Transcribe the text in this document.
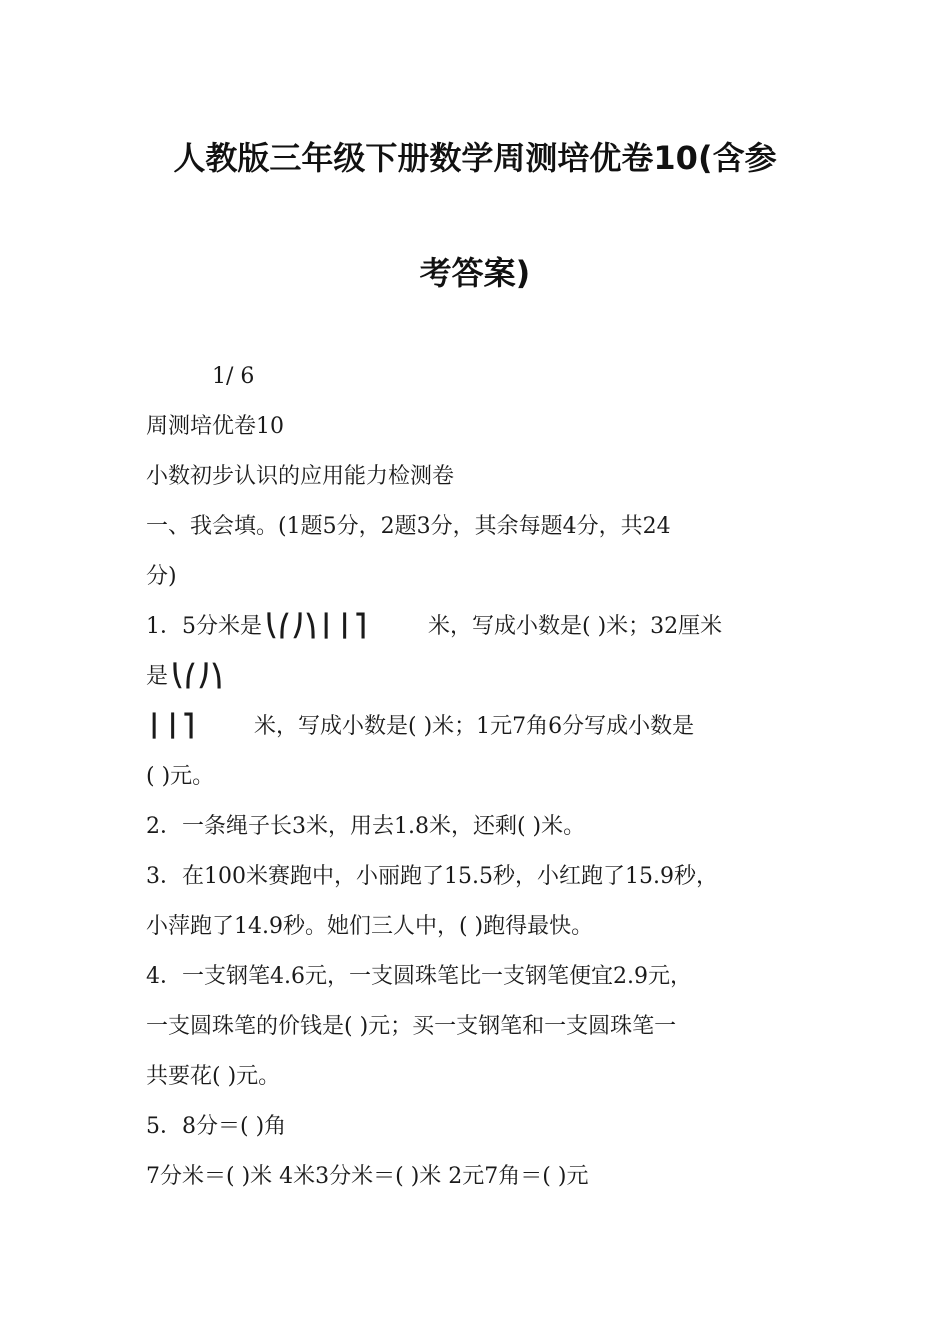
人教版三年级下册数学周测培优卷10(含参
考答案)
1/ 6
周测培优卷10
小数初步认识的应用能力检测卷
一、我会填。(1题5分，2题3分，其余每题4分，共24
分)
1．5分米是 ⎝⎛⎠⎞⎪⎪⎤	米，写成小数是( )米；32厘米
是 ⎝⎛⎠⎞
⎪⎪⎤	米，写成小数是( )米；1元7角6分写成小数是
( )元。
2．一条绳子长3米，用去1.8米，还剩( )米。
3．在100米赛跑中，小丽跑了15.5秒，小红跑了15.9秒，
小萍跑了14.9秒。她们三人中，( )跑得最快。
4．一支钢笔4.6元，一支圆珠笔比一支钢笔便宜2.9元，
一支圆珠笔的价钱是( )元；买一支钢笔和一支圆珠笔一
共要花( )元。
5．8分＝( )角
7分米＝( )米 4米3分米＝( )米 2元7角＝( )元
